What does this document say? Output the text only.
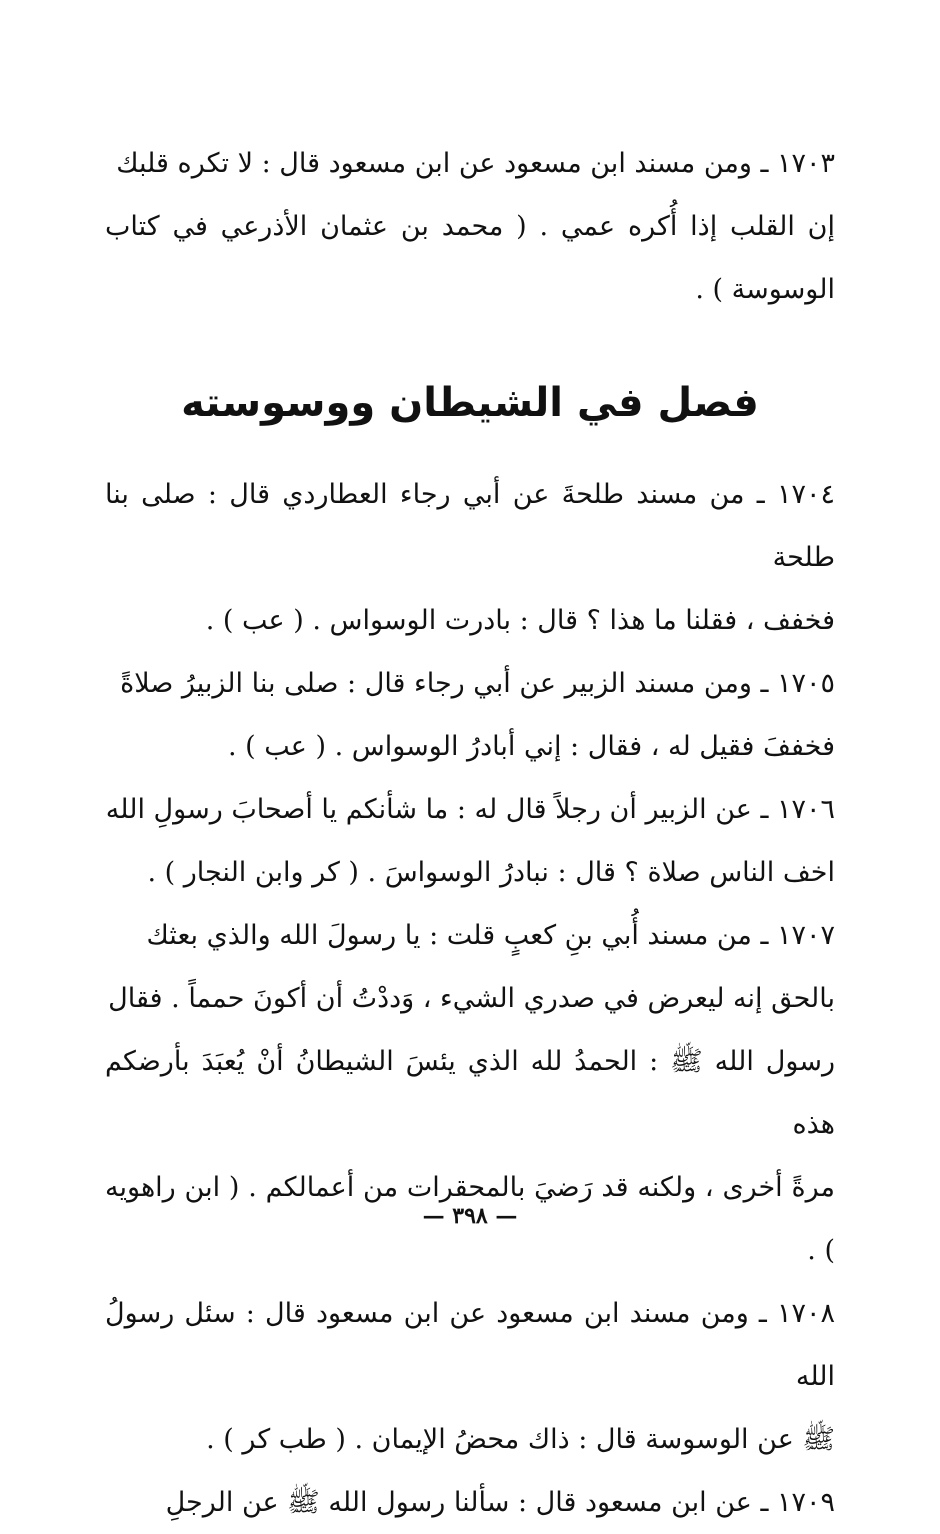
١٧٠٣ ـ ومن مسند ابن مسعود عن ابن مسعود قال : لا تكره قلبك
إن القلب إذا أُكره عمي . ( محمد بن عثمان الأذرعي في كتاب الوسوسة ) .
فصل في الشيطان ووسوسته
١٧٠٤ ـ من مسند طلحةَ عن أبي رجاء العطاردي قال : صلى بنا طلحة
فخفف ، فقلنا ما هذا ؟ قال : بادرت الوسواس . ( عب ) .
١٧٠٥ ـ ومن مسند الزبير عن أبي رجاء قال : صلى بنا الزبيرُ صلاةً
فخففَ فقيل له ، فقال : إني أبادرُ الوسواس . ( عب ) .
١٧٠٦ ـ عن الزبير أن رجلاً قال له : ما شأنكم يا أصحابَ رسولِ الله
اخف الناس صلاة ؟ قال : نبادرُ الوسواسَ . ( كر وابن النجار ) .
١٧٠٧ ـ من مسند أُبي بنِ كعبٍ قلت : يا رسولَ الله والذي بعثك
بالحق إنه ليعرض في صدري الشيء ، وَددْتُ أن أكونَ حمماً . فقال
رسول الله ﷺ : الحمدُ لله الذي يئسَ الشيطانُ أنْ يُعبَدَ بأرضكم هذه
مرةً أخرى ، ولكنه قد رَضيَ بالمحقرات من أعمالكم . ( ابن راهويه ) .
١٧٠٨ ـ ومن مسند ابن مسعود عن ابن مسعود قال : سئل رسولُ الله
ﷺ عن الوسوسة قال : ذاك محضُ الإيمان . ( طب كر ) .
١٧٠٩ ـ عن ابن مسعود قال : سألنا رسول الله ﷺ عن الرجلِ
— ٣٩٨ —
